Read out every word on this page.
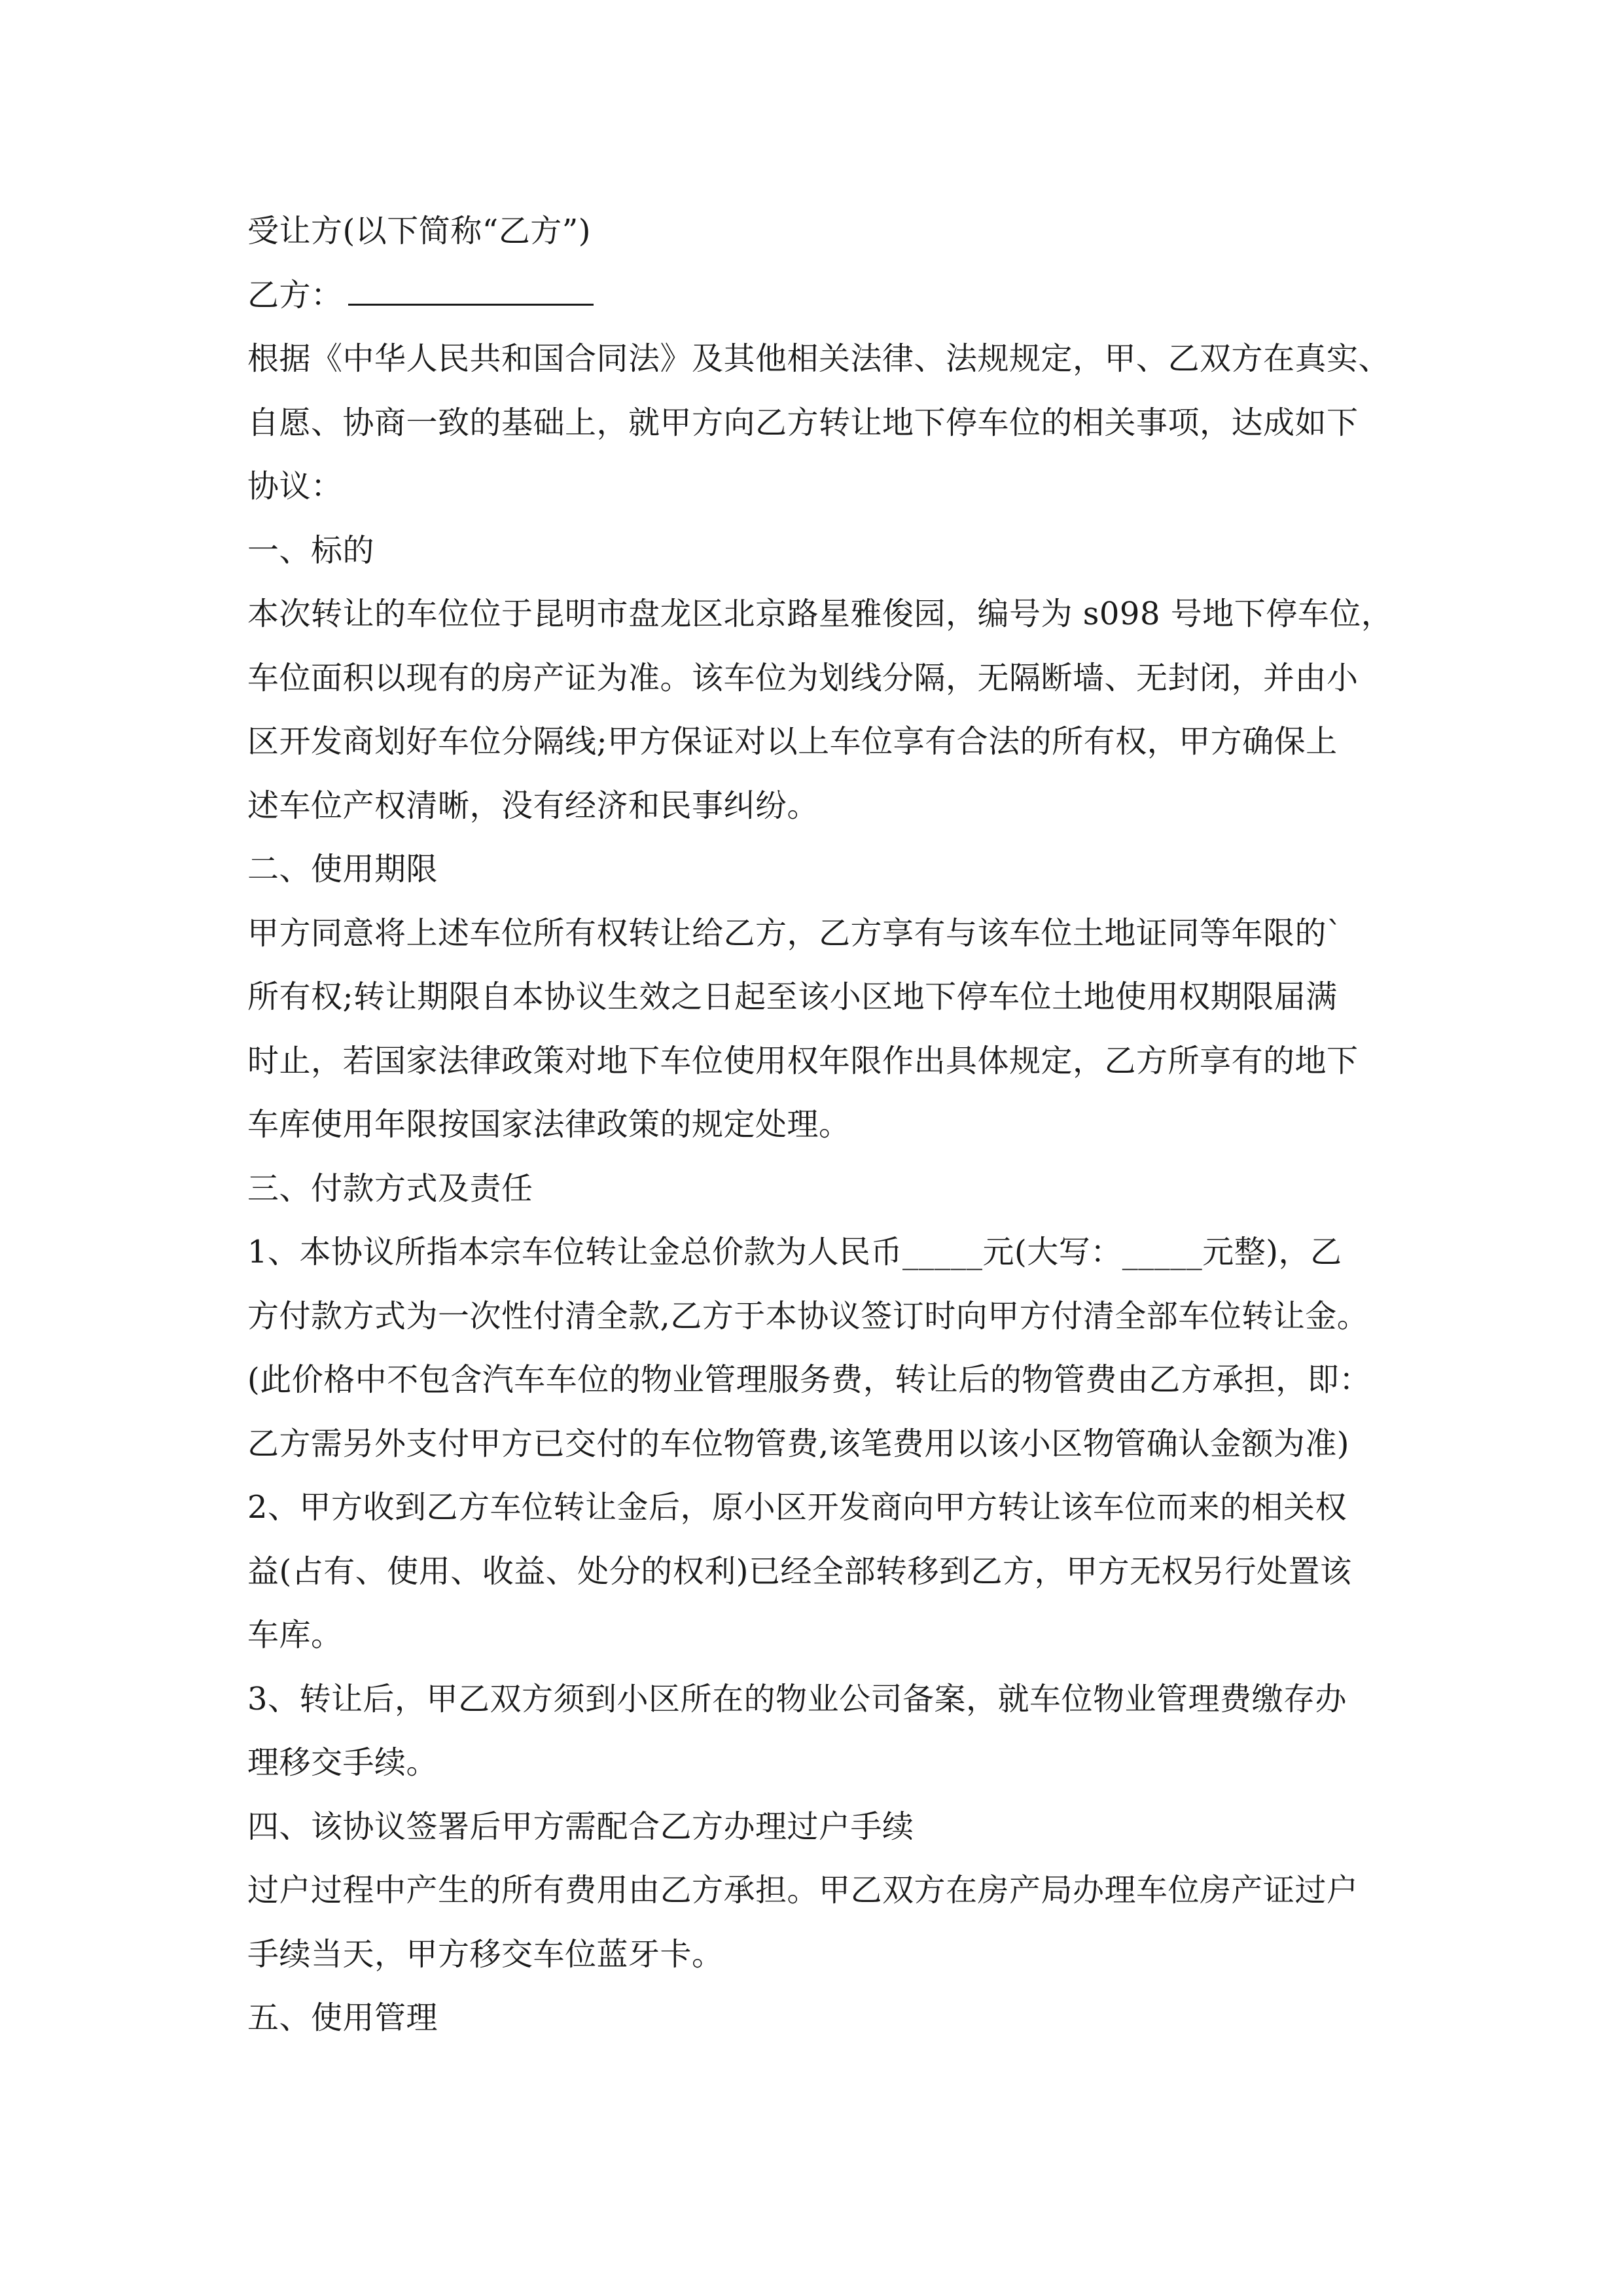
受让方(以下简称“乙方”)
乙方：
根据《中华人民共和国合同法》及其他相关法律、法规规定，甲、乙双方在真实、
自愿、协商一致的基础上，就甲方向乙方转让地下停车位的相关事项，达成如下
协议：
一、标的
本次转让的车位位于昆明市盘龙区北京路星雅俊园，编号为 s098 号地下停车位，
车位面积以现有的房产证为准。该车位为划线分隔，无隔断墙、无封闭，并由小
区开发商划好车位分隔线;甲方保证对以上车位享有合法的所有权，甲方确保上
述车位产权清晰，没有经济和民事纠纷。
二、使用期限
甲方同意将上述车位所有权转让给乙方，乙方享有与该车位土地证同等年限的`
所有权;转让期限自本协议生效之日起至该小区地下停车位土地使用权期限届满
时止，若国家法律政策对地下车位使用权年限作出具体规定，乙方所享有的地下
车库使用年限按国家法律政策的规定处理。
三、付款方式及责任
1、本协议所指本宗车位转让金总价款为人民币_____元(大写：_____元整)，乙
方付款方式为一次性付清全款,乙方于本协议签订时向甲方付清全部车位转让金。
(此价格中不包含汽车车位的物业管理服务费，转让后的物管费由乙方承担，即：
乙方需另外支付甲方已交付的车位物管费,该笔费用以该小区物管确认金额为准)
2、甲方收到乙方车位转让金后，原小区开发商向甲方转让该车位而来的相关权
益(占有、使用、收益、处分的权利)已经全部转移到乙方，甲方无权另行处置该
车库。
3、转让后，甲乙双方须到小区所在的物业公司备案，就车位物业管理费缴存办
理移交手续。
四、该协议签署后甲方需配合乙方办理过户手续
过户过程中产生的所有费用由乙方承担。甲乙双方在房产局办理车位房产证过户
手续当天，甲方移交车位蓝牙卡。
五、使用管理
